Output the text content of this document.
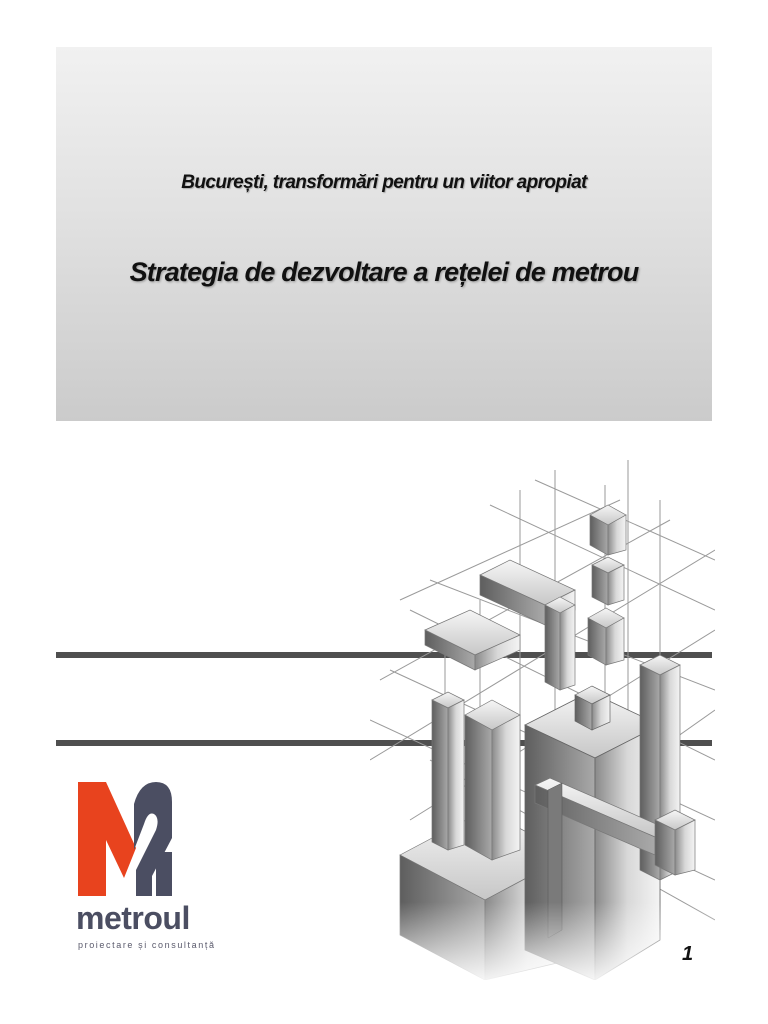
București, transformări pentru un viitor apropiat
Strategia de dezvoltare a rețelei de metrou
metroul
proiectare și consultanță	1
